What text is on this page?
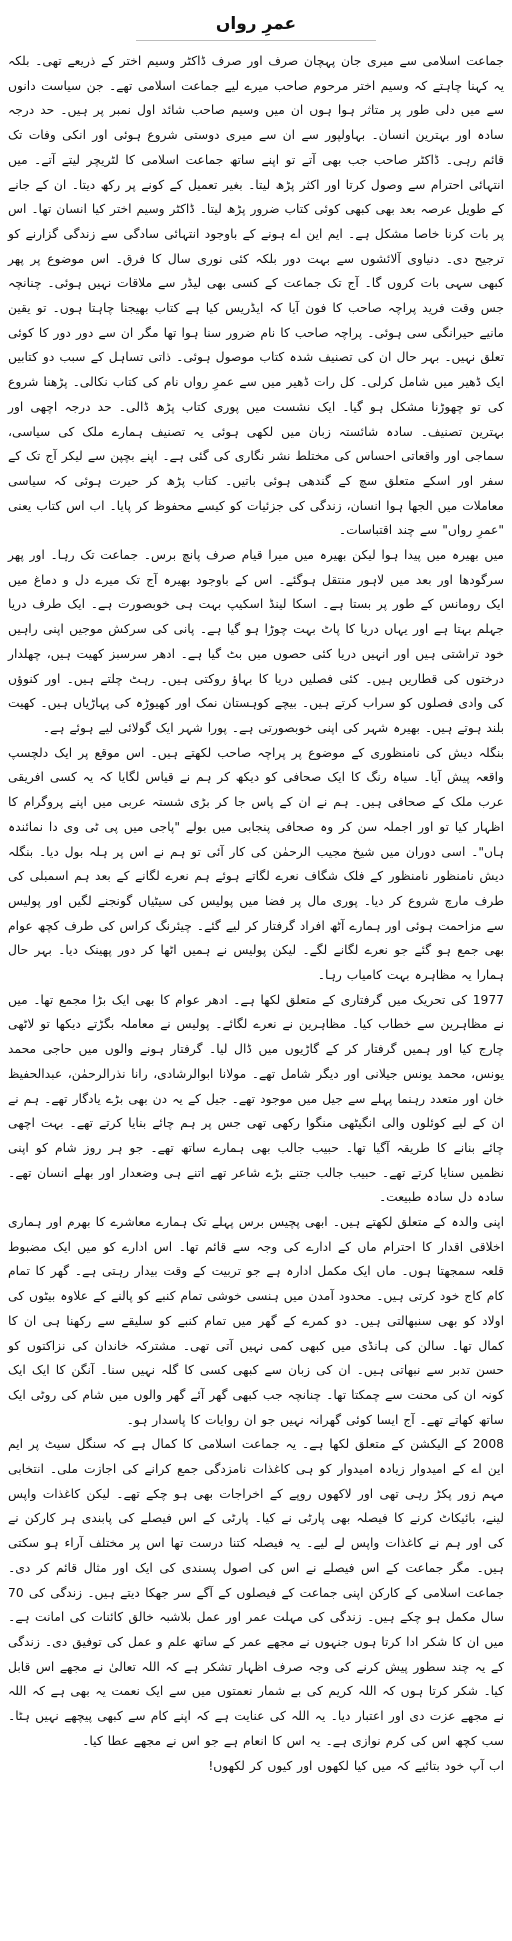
عمرِ رواں

جماعت اسلامی سے میری جان پہچان صرف اور صرف ڈاکٹر وسیم اختر کے ذریعے تھی۔ بلکہ یہ کہنا چاہتے کہ وسیم اختر مرحوم صاحب میرے لیے جماعت اسلامی تھے۔ جن سیاست دانوں سے میں دلی طور پر متاثر ہوا ہوں ان میں وسیم صاحب شائد اول نمبر پر ہیں۔ حد درجہ سادہ اور بہترین انسان۔ بہاولپور سے ان سے میری دوستی شروع ہوئی اور انکی وفات تک قائم رہی۔ ڈاکٹر صاحب جب بھی آتے تو اپنے ساتھ جماعت اسلامی کا لٹریچر لیتے آتے۔ میں انتہائی احترام سے وصول کرتا اور اکثر پڑھ لیتا۔ بغیر تعمیل کے کونے پر رکھ دیتا۔ ان کے جانے کے طویل عرصہ بعد بھی کبھی کوئی کتاب ضرور پڑھ لیتا۔ ڈاکٹر وسیم اختر کیا انسان تھا۔ اس پر بات کرنا خاصا مشکل ہے۔ ایم این اے ہونے کے باوجود انتہائی سادگی سے زندگی گزارنے کو ترجیح دی۔ دنیاوی آلائشوں سے بہت دور بلکہ کئی نوری سال کا فرق۔ اس موضوع پر پھر کبھی سہی بات کروں گا۔ آج تک جماعت کے کسی بھی لیڈر سے ملاقات نہیں ہوئی۔ چنانچہ جس وقت فرید پراچہ صاحب کا فون آیا کہ ایڈریس کیا ہے کتاب بھیجنا چاہتا ہوں۔ تو یقین مانیے حیرانگی سی ہوئی۔ پراچہ صاحب کا نام ضرور سنا ہوا تھا مگر ان سے دور دور کا کوئی تعلق نہیں۔ بہر حال ان کی تصنیف شدہ کتاب موصول ہوئی۔ ذاتی تساہل کے سبب دو کتابیں ایک ڈھیر میں شامل کرلی۔ کل رات ڈھیر میں سے عمرِ رواں نام کی کتاب نکالی۔ پڑھنا شروع کی تو چھوڑنا مشکل ہو گیا۔ ایک نشست میں پوری کتاب پڑھ ڈالی۔ حد درجہ اچھی اور بہترین تصنیف۔ سادہ شائستہ زبان میں لکھی ہوئی یہ تصنیف ہمارے ملک کی سیاسی، سماجی اور واقعاتی احساس کی مختلط نشر نگاری کی گئی ہے۔ اپنے بچپن سے لیکر آج تک کے سفر اور اسکے متعلق سچ کے گندھی ہوئی باتیں۔ کتاب پڑھ کر حیرت ہوئی کہ سیاسی معاملات میں الجھا ہوا انسان، زندگی کی جزئیات کو کیسے محفوظ کر پایا۔ اب اس کتاب یعنی "عمرِ رواں" سے چند اقتباسات۔

میں بھیرہ میں پیدا ہوا لیکن بھیرہ میں میرا قیام صرف پانچ برس۔ جماعت تک رہا۔ اور پھر سرگودھا اور بعد میں لاہور منتقل ہوگئے۔ اس کے باوجود بھیرہ آج تک میرے دل و دماغ میں ایک رومانس کے طور پر بستا ہے۔ اسکا لینڈ اسکیپ بہت ہی خوبصورت ہے۔ ایک طرف دریا جہلم بہتا ہے اور یہاں دریا کا پاٹ بہت چوڑا ہو گیا ہے۔ پانی کی سرکش موجیں اپنی راہیں خود تراشتی ہیں اور انہیں دریا کئی حصوں میں بٹ گیا ہے۔ ادھر سرسبز کھیت ہیں، چھلدار درختوں کی قطاریں ہیں۔ کئی فصلیں دریا کا بہاؤ روکتی ہیں۔ رہٹ چلتے ہیں۔ اور کنوؤں کی وادی فصلوں کو سراب کرتے ہیں۔ بیچے کوہستان نمک اور کھیوڑہ کی پہاڑیاں ہیں۔ کھیت بلند ہوتے ہیں۔ بھیرہ شہر کی اپنی خوبصورتی ہے۔ پورا شہر ایک گولائی لیے ہوئے ہے۔

بنگلہ دیش کی نامنظوری کے موضوع پر پراچہ صاحب لکھتے ہیں۔ اس موقع پر ایک دلچسپ واقعہ پیش آیا۔ سیاہ رنگ کا ایک صحافی کو دیکھ کر ہم نے قیاس لگایا کہ یہ کسی افریقی عرب ملک کے صحافی ہیں۔ ہم نے ان کے پاس جا کر بڑی شستہ عربی میں اپنے پروگرام کا اظہار کیا تو اور اجملہ سن کر وہ صحافی پنجابی میں بولے "پاجی میں پی ٹی وی دا نمائندہ ہاں"۔ اسی دوران میں شیخ مجیب الرحمٰن کی کار آئی تو ہم نے اس پر ہلہ بول دیا۔ بنگلہ دیش نامنظور نامنظور کے فلک شگاف نعرے لگاتے ہوئے ہم نعرے لگانے کے بعد ہم اسمبلی کی طرف مارچ شروع کر دیا۔ پوری مال پر فضا میں پولیس کی سیٹیاں گونجنے لگیں اور پولیس سے مزاحمت ہوئی اور ہمارے آٹھ افراد گرفتار کر لیے گئے۔ چیئرنگ کراس کی طرف کچھ عوام بھی جمع ہو گئے جو نعرے لگانے لگے۔ لیکن پولیس نے ہمیں اٹھا کر دور پھینک دیا۔ بہر حال ہمارا یہ مظاہرہ بہت کامیاب رہا۔

1977 کی تحریک میں گرفتاری کے متعلق لکھا ہے۔ ادھر عوام کا بھی ایک بڑا مجمع تھا۔ میں نے مظاہرین سے خطاب کیا۔ مظاہرین نے نعرے لگائے۔ پولیس نے معاملہ بگڑتے دیکھا تو لاٹھی چارج کیا اور ہمیں گرفتار کر کے گاڑیوں میں ڈال لیا۔ گرفتار ہونے والوں میں حاجی محمد یونس، محمد یونس جیلانی اور دیگر شامل تھے۔ مولانا ابوالرشادی، رانا نذرالرحمٰن، عبدالحفیظ خان اور متعدد رہنما پہلے سے جیل میں موجود تھے۔ جیل کے یہ دن بھی بڑے یادگار تھے۔ ہم نے ان کے لیے کوئلوں والی انگیٹھی منگوا رکھی تھی جس پر ہم چائے بنایا کرتے تھے۔ بہت اچھی چائے بنانے کا طریقہ آگیا تھا۔ حبیب جالب بھی ہمارے ساتھ تھے۔ جو ہر روز شام کو اپنی نظمیں سنایا کرتے تھے۔ حبیب جالب جتنے بڑے شاعر تھے اتنے ہی وضعدار اور بھلے انسان تھے۔ سادہ دل سادہ طبیعت۔

اپنی والدہ کے متعلق لکھتے ہیں۔ ابھی پچیس برس پہلے تک ہمارے معاشرے کا بھرم اور ہماری اخلاقی اقدار کا احترام ماں کے ادارے کی وجہ سے قائم تھا۔ اس ادارے کو میں ایک مضبوط قلعہ سمجھتا ہوں۔ ماں ایک مکمل ادارہ ہے جو تربیت کے وقت بیدار رہتی ہے۔ گھر کا تمام کام کاج خود کرتی ہیں۔ محدود آمدن میں ہنسی خوشی تمام کنبے کو پالنے کے علاوہ بیٹوں کی اولاد کو بھی سنبھالتی ہیں۔ دو کمرے کے گھر میں تمام کنبے کو سلیقے سے رکھنا ہی ان کا کمال تھا۔ سالن کی ہانڈی میں کبھی کمی نہیں آتی تھی۔ مشترکہ خاندان کی نزاکتوں کو حسن تدبر سے نبھاتی ہیں۔ ان کی زبان سے کبھی کسی کا گلہ نہیں سنا۔ آنگن کا ایک ایک کونہ ان کی محنت سے چمکتا تھا۔ چنانچہ جب کبھی گھر آئے گھر والوں میں شام کی روٹی ایک ساتھ کھاتے تھے۔ آج ایسا کوئی گھرانہ نہیں جو ان روایات کا پاسدار ہو۔

2008 کے الیکشن کے متعلق لکھا ہے۔ یہ جماعت اسلامی کا کمال ہے کہ سنگل سیٹ پر ایم این اے کے امیدوار زیادہ امیدوار کو ہی کاغذات نامزدگی جمع کرانے کی اجازت ملی۔ انتخابی مہم زور پکڑ رہی تھی اور لاکھوں روپے کے اخراجات بھی ہو چکے تھے۔ لیکن کاغذات واپس لینے، بائیکاٹ کرنے کا فیصلہ بھی پارٹی نے کیا۔ پارٹی کے اس فیصلے کی پابندی ہر کارکن نے کی اور ہم نے کاغذات واپس لے لیے۔ یہ فیصلہ کتنا درست تھا اس پر مختلف آراء ہو سکتی ہیں۔ مگر جماعت کے اس فیصلے نے اس کی اصول پسندی کی ایک اور مثال قائم کر دی۔ جماعت اسلامی کے کارکن اپنی جماعت کے فیصلوں کے آگے سر جھکا دیتے ہیں۔ زندگی کی 70 سال مکمل ہو چکے ہیں۔ زندگی کی مہلت عمر اور عمل بلاشبہ خالق کائنات کی امانت ہے۔ میں ان کا شکر ادا کرتا ہوں جنہوں نے مجھے عمر کے ساتھ علم و عمل کی توفیق دی۔ زندگی کے یہ چند سطور پیش کرنے کی وجہ صرف اظہار تشکر ہے کہ اللہ تعالیٰ نے مجھے اس قابل کیا۔ شکر کرتا ہوں کہ اللہ کریم کی بے شمار نعمتوں میں سے ایک نعمت یہ بھی ہے کہ اللہ نے مجھے عزت دی اور اعتبار دیا۔ یہ اللہ کی عنایت ہے کہ اپنے کام سے کبھی پیچھے نہیں ہٹا۔ سب کچھ اس کی کرم نوازی ہے۔ یہ اس کا انعام ہے جو اس نے مجھے عطا کیا۔

اب آپ خود بتائیے کہ میں کیا لکھوں اور کیوں کر لکھوں!
